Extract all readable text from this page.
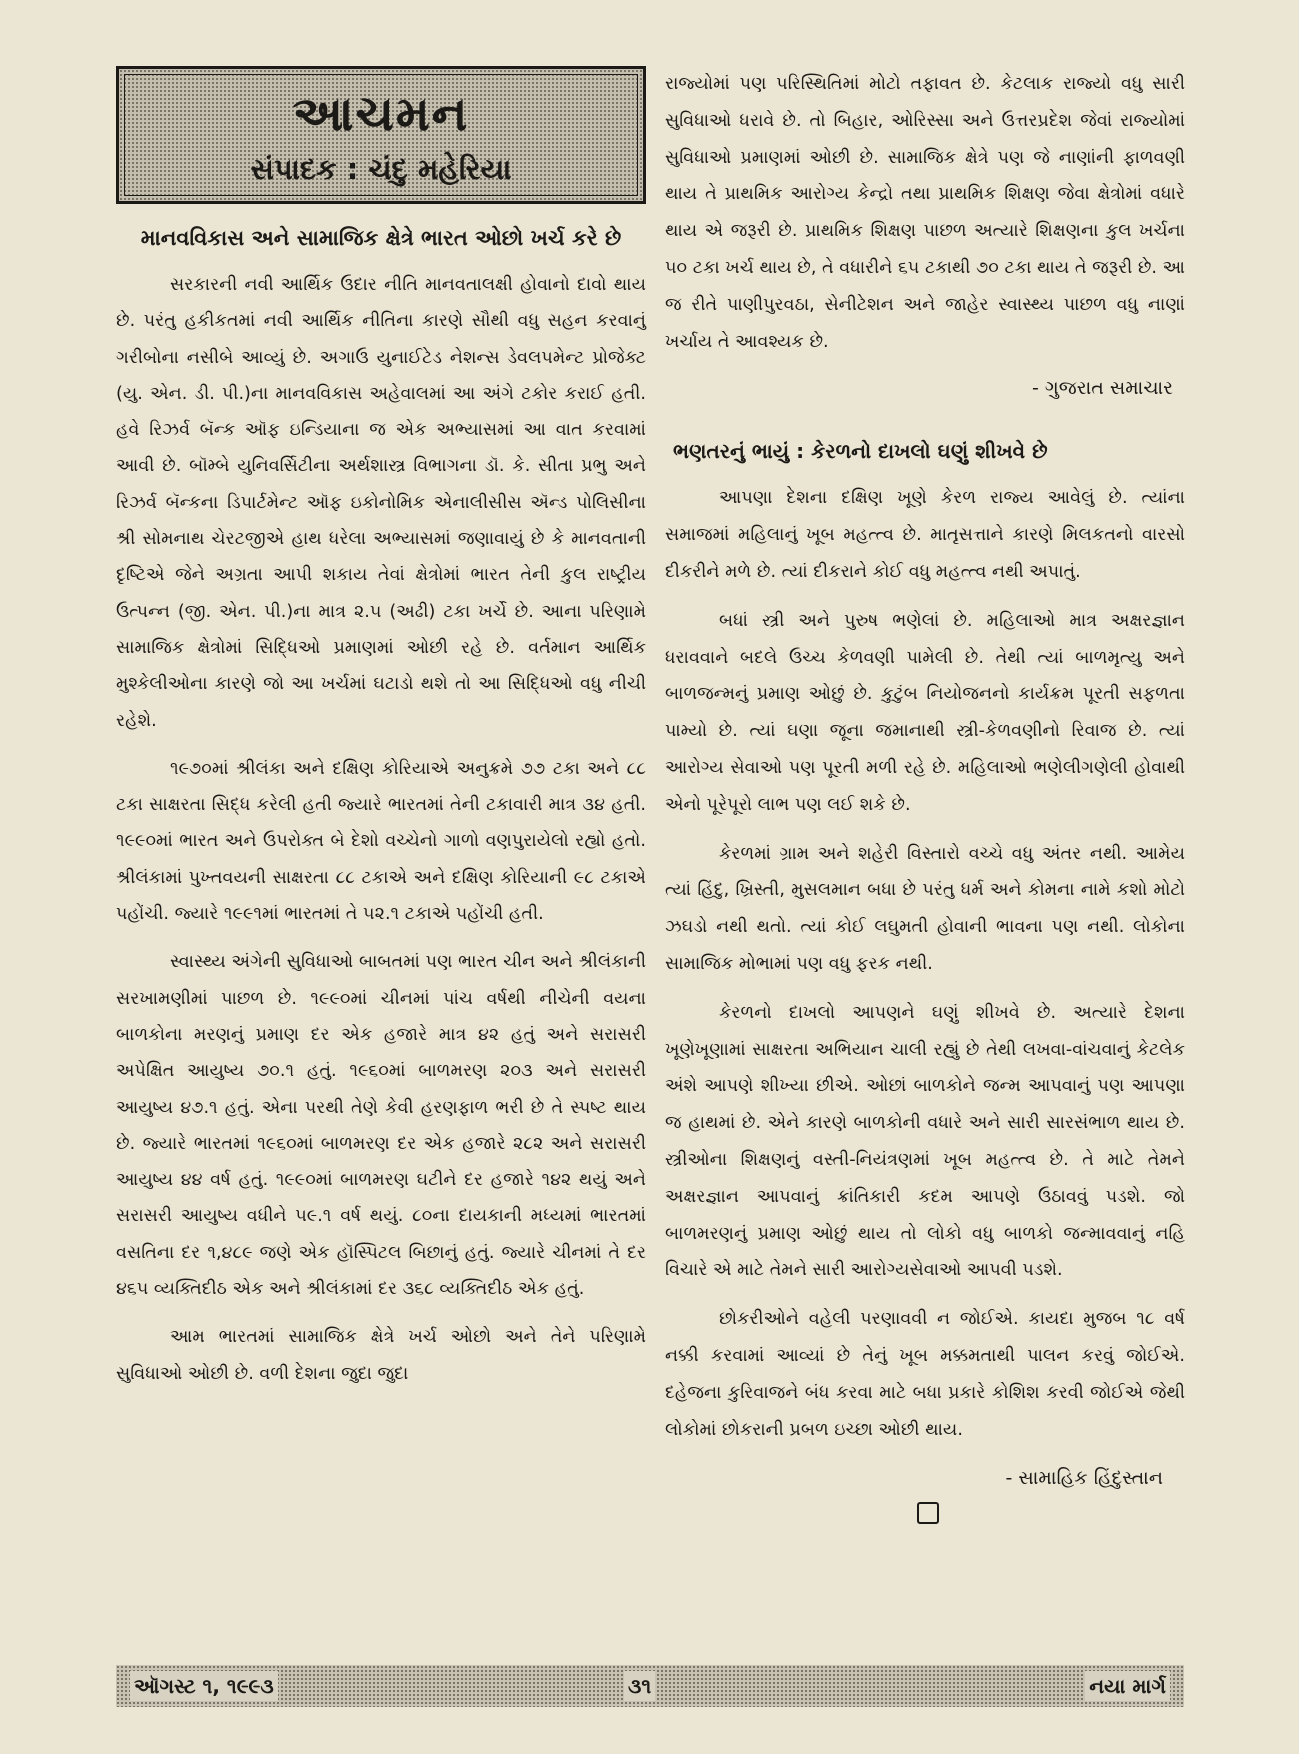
આચમન
સંપાદક : ચંદુ મહેરિયા
માનવવિકાસ અને સામાજિક ક્ષેત્રે ભારત ઓછો ખર્ચ કરે છે

સરકારની નવી આર્થિક ઉદાર નીતિ માનવતાલક્ષી હોવાનો દાવો થાય છે. પરંતુ હકીકતમાં નવી આર્થિક નીતિના કારણે સૌથી વધુ સહન કરવાનું ગરીબોના નસીબે આવ્યું છે. અગાઉ યુનાઈટેડ નેશન્સ ડેવલપમેન્ટ પ્રોજેક્ટ (યુ. એન. ડી. પી.)ના માનવવિકાસ અહેવાલમાં આ અંગે ટકોર કરાઈ હતી. હવે રિઝર્વ બૅન્ક ઑફ ઇન્ડિયાના જ એક અભ્યાસમાં આ વાત કરવામાં આવી છે. બૉમ્બે યુનિવર્સિટીના અર્થશાસ્ત્ર વિભાગના ડૉ. કે. સીતા પ્રભુ અને રિઝર્વ બૅન્કના ડિપાર્ટમેન્ટ ઑફ ઇકોનોમિક એનાલીસીસ ઍન્ડ પોલિસીના શ્રી સોમનાથ ચેરટજીએ હાથ ધરેલા અભ્યાસમાં જણાવાયું છે કે માનવતાની દૃષ્ટિએ જેને અગ્રતા આપી શકાય તેવાં ક્ષેત્રોમાં ભારત તેની કુલ રાષ્ટ્રીય ઉત્પન્ન (જી. એન. પી.)ના માત્ર ૨.૫ (અઢી) ટકા ખર્ચે છે. આના પરિણામે સામાજિક ક્ષેત્રોમાં સિદ્ધિઓ પ્રમાણમાં ઓછી રહે છે. વર્તમાન આર્થિક મુશ્કેલીઓના કારણે જો આ ખર્ચમાં ઘટાડો થશે તો આ સિદ્ધિઓ વધુ નીચી રહેશે.

૧૯૭૦માં શ્રીલંકા અને દક્ષિણ કોરિયાએ અનુક્રમે ૭૭ ટકા અને ૮૮ ટકા સાક્ષરતા સિદ્ધ કરેલી હતી જ્યારે ભારતમાં તેની ટકાવારી માત્ર ૩૪ હતી. ૧૯૯૦માં ભારત અને ઉપરોક્ત બે દેશો વચ્ચેનો ગાળો વણપુરાયેલો રહ્યો હતો. શ્રીલંકામાં પુખ્તવયની સાક્ષરતા ૮૮ ટકાએ અને દક્ષિણ કોરિયાની ૯૮ ટકાએ પહોંચી. જ્યારે ૧૯૯૧માં ભારતમાં તે ૫૨.૧ ટકાએ પહોંચી હતી.

સ્વાસ્થ્ય અંગેની સુવિધાઓ બાબતમાં પણ ભારત ચીન અને શ્રીલંકાની સરખામણીમાં પાછળ છે. ૧૯૯૦માં ચીનમાં પાંચ વર્ષથી નીચેની વયના બાળકોના મરણનું પ્રમાણ દર એક હજારે માત્ર ૪૨ હતું અને સરાસરી અપેક્ષિત આયુષ્ય ૭૦.૧ હતું. ૧૯૬૦માં બાળમરણ ૨૦૩ અને સરાસરી આયુષ્ય ૪૭.૧ હતું. એના પરથી તેણે કેવી હરણફાળ ભરી છે તે સ્પષ્ટ થાય છે. જ્યારે ભારતમાં ૧૯૬૦માં બાળમરણ દર એક હજારે ૨૮૨ અને સરાસરી આયુષ્ય ૪૪ વર્ષ હતું. ૧૯૯૦માં બાળમરણ ઘટીને દર હજારે ૧૪૨ થયું અને સરાસરી આયુષ્ય વધીને ૫૯.૧ વર્ષ થયું. ૮૦ના દાયકાની મધ્યમાં ભારતમાં વસતિના દર ૧,૪૮૯ જણે એક હૉસ્પિટલ બિછાનું હતું. જ્યારે ચીનમાં તે દર ૪૬૫ વ્યક્તિદીઠ એક અને શ્રીલંકામાં દર ૩૬૮ વ્યક્તિદીઠ એક હતું.

આમ ભારતમાં સામાજિક ક્ષેત્રે ખર્ચ ઓછો અને તેને પરિણામે સુવિધાઓ ઓછી છે. વળી દેશના જુદા જુદા

રાજ્યોમાં પણ પરિસ્થિતિમાં મોટો તફાવત છે. કેટલાક રાજ્યો વધુ સારી સુવિધાઓ ધરાવે છે. તો બિહાર, ઓરિસ્સા અને ઉત્તરપ્રદેશ જેવાં રાજ્યોમાં સુવિધાઓ પ્રમાણમાં ઓછી છે. સામાજિક ક્ષેત્રે પણ જે નાણાંની ફાળવણી થાય તે પ્રાથમિક આરોગ્ય કેન્દ્રો તથા પ્રાથમિક શિક્ષણ જેવા ક્ષેત્રોમાં વધારે થાય એ જરૂરી છે. પ્રાથમિક શિક્ષણ પાછળ અત્યારે શિક્ષણના કુલ ખર્ચના ૫૦ ટકા ખર્ચ થાય છે, તે વધારીને ૬૫ ટકાથી ૭૦ ટકા થાય તે જરૂરી છે. આ જ રીતે પાણીપુરવઠા, સેનીટેશન અને જાહેર સ્વાસ્થ્ય પાછળ વધુ નાણાં ખર્ચાય તે આવશ્યક છે.

- ગુજરાત સમાચાર
ભણતરનું ભાયું : કેરળનો દાખલો ઘણું શીખવે છે

આપણા દેશના દક્ષિણ ખૂણે કેરળ રાજ્ય આવેલું છે. ત્યાંના સમાજમાં મહિલાનું ખૂબ મહત્ત્વ છે. માતૃસત્તાને કારણે મિલકતનો વારસો દીકરીને મળે છે. ત્યાં દીકરાને કોઈ વધુ મહત્ત્વ નથી અપાતું.

બધાં સ્ત્રી અને પુરુષ ભણેલાં છે. મહિલાઓ માત્ર અક્ષરજ્ઞાન ધરાવવાને બદલે ઉચ્ચ કેળવણી પામેલી છે. તેથી ત્યાં બાળમૃત્યુ અને બાળજન્મનું પ્રમાણ ઓછું છે. કુટુંબ નિયોજનનો કાર્યક્રમ પૂરતી સફળતા પામ્યો છે. ત્યાં ઘણા જૂના જમાનાથી સ્ત્રી-કેળવણીનો રિવાજ છે. ત્યાં આરોગ્ય સેવાઓ પણ પૂરતી મળી રહે છે. મહિલાઓ ભણેલીગણેલી હોવાથી એનો પૂરેપૂરો લાભ પણ લઈ શકે છે.

કેરળમાં ગ્રામ અને શહેરી વિસ્તારો વચ્ચે વધુ અંતર નથી. આમેય ત્યાં હિંદુ, ખ્રિસ્તી, મુસલમાન બધા છે પરંતુ ધર્મ અને કોમના નામે કશો મોટો ઝઘડો નથી થતો. ત્યાં કોઈ લઘુમતી હોવાની ભાવના પણ નથી. લોકોના સામાજિક મોભામાં પણ વધુ ફરક નથી.

કેરળનો દાખલો આપણને ઘણું શીખવે છે. અત્યારે દેશના ખૂણેખૂણામાં સાક્ષરતા અભિયાન ચાલી રહ્યું છે તેથી લખવા-વાંચવાનું કેટલેક અંશે આપણે શીખ્યા છીએ. ઓછાં બાળકોને જન્મ આપવાનું પણ આપણા જ હાથમાં છે. એને કારણે બાળકોની વધારે અને સારી સારસંભાળ થાય છે. સ્ત્રીઓના શિક્ષણનું વસ્તી-નિયંત્રણમાં ખૂબ મહત્ત્વ છે. તે માટે તેમને અક્ષરજ્ઞાન આપવાનું ક્રાંતિકારી કદમ આપણે ઉઠાવવું પડશે. જો બાળમરણનું પ્રમાણ ઓછું થાય તો લોકો વધુ બાળકો જન્માવવાનું નહિ વિચારે એ માટે તેમને સારી આરોગ્યસેવાઓ આપવી પડશે.

છોકરીઓને વહેલી પરણાવવી ન જોઈએ. કાયદા મુજબ ૧૮ વર્ષ નક્કી કરવામાં આવ્યાં છે તેનું ખૂબ મક્કમતાથી પાલન કરવું જોઈએ. દહેજના કુરિવાજને બંધ કરવા માટે બધા પ્રકારે કોશિશ કરવી જોઈએ જેથી લોકોમાં છોકરાની પ્રબળ ઇચ્છા ઓછી થાય.

- સામાહિક હિંદુસ્તાન
ઑગસ્ટ ૧, ૧૯૯૩	૩૧	નયા માર્ગ
